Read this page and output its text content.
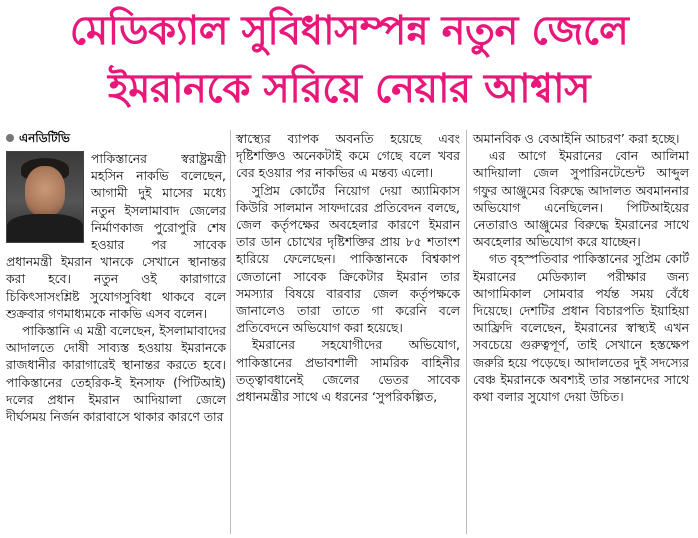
মেডিক্যাল সুবিধাসম্পন্ন নতুন জেলে
ইমরানকে সরিয়ে নেয়ার আশ্বাস
এনডিটিভি

পাকিস্তানের স্বরাষ্ট্রমন্ত্রী মহসিন নাকভি বলেছেন, আগামী দুই মাসের মধ্যে নতুন ইসলামাবাদ জেলের নির্মাণকাজ পুরোপুরি শেষ হওয়ার পর সাবেক প্রধানমন্ত্রী ইমরান খানকে সেখানে স্থানান্তর করা হবে। নতুন ওই কারাগারে চিকিৎসাসংশ্লিষ্ট সুযোগসুবিধা থাকবে বলে শুক্রবার গণমাধ্যমকে নাকভি এসব বলেন।

পাকিস্তানি এ মন্ত্রী বলেছেন, ইসলামাবাদের আদালতে দোষী সাব্যস্ত হওয়ায় ইমরানকে রাজধানীর কারাগারেই স্থানান্তর করতে হবে। পাকিস্তানের তেহরিক-ই ইনসাফ (পিটিআই) দলের প্রধান ইমরান আদিয়ালা জেলে দীর্ঘসময় নির্জন কারাবাসে থাকার কারণে তার

স্বাস্থ্যের ব্যাপক অবনতি হয়েছে এবং দৃষ্টিশক্তিও অনেকটাই কমে গেছে বলে খবর বের হওয়ার পর নাকভির এ মন্তব্য এলো।

সুপ্রিম কোর্টের নিয়োগ দেয়া অ্যামিকাস কিউরি সালমান সাফদারের প্রতিবেদন বলছে, জেল কর্তৃপক্ষের অবহেলার কারণে ইমরান তার ডান চোখের দৃষ্টিশক্তির প্রায় ৮৫ শতাংশ হারিয়ে ফেলেছেন। পাকিস্তানকে বিশ্বকাপ জেতানো সাবেক ক্রিকেটার ইমরান তার সমস্যার বিষয়ে বারবার জেল কর্তৃপক্ষকে জানালেও তারা তাতে গা করেনি বলে প্রতিবেদনে অভিযোগ করা হয়েছে।

ইমরানের সহযোগীদের অভিযোগ, পাকিস্তানের প্রভাবশালী সামরিক বাহিনীর তত্ত্বাবধানেই জেলের ভেতর সাবেক প্রধানমন্ত্রীর সাথে এ ধরনের ‘সুপরিকল্পিত,

অমানবিক ও বেআইনি আচরণ’ করা হচ্ছে।

এর আগে ইমরানের বোন আলিমা আদিয়ালা জেল সুপারিনটেন্ডেন্ট আব্দুল গফুর আঞ্জুমের বিরুদ্ধে আদালত অবমাননার অভিযোগ এনেছিলেন। পিটিআইয়ের নেতারাও আঞ্জুমের বিরুদ্ধে ইমরানের সাথে অবহেলার অভিযোগ করে যাচ্ছেন।

গত বৃহস্পতিবার পাকিস্তানের সুপ্রিম কোর্ট ইমরানের মেডিক্যাল পরীক্ষার জন্য আগামিকাল সোমবার পর্যন্ত সময় বেঁধে দিয়েছে। দেশটির প্রধান বিচারপতি ইয়াহিয়া আফ্রিদি বলেছেন, ইমরানের স্বাস্থ্যই এখন সবচেয়ে গুরুত্বপূর্ণ, তাই সেখানে হস্তক্ষেপ জরুরি হয়ে পড়েছে। আদালতের দুই সদস্যের বেঞ্চ ইমরানকে অবশ্যই তার সন্তানদের সাথে কথা বলার সুযোগ দেয়া উচিত।
